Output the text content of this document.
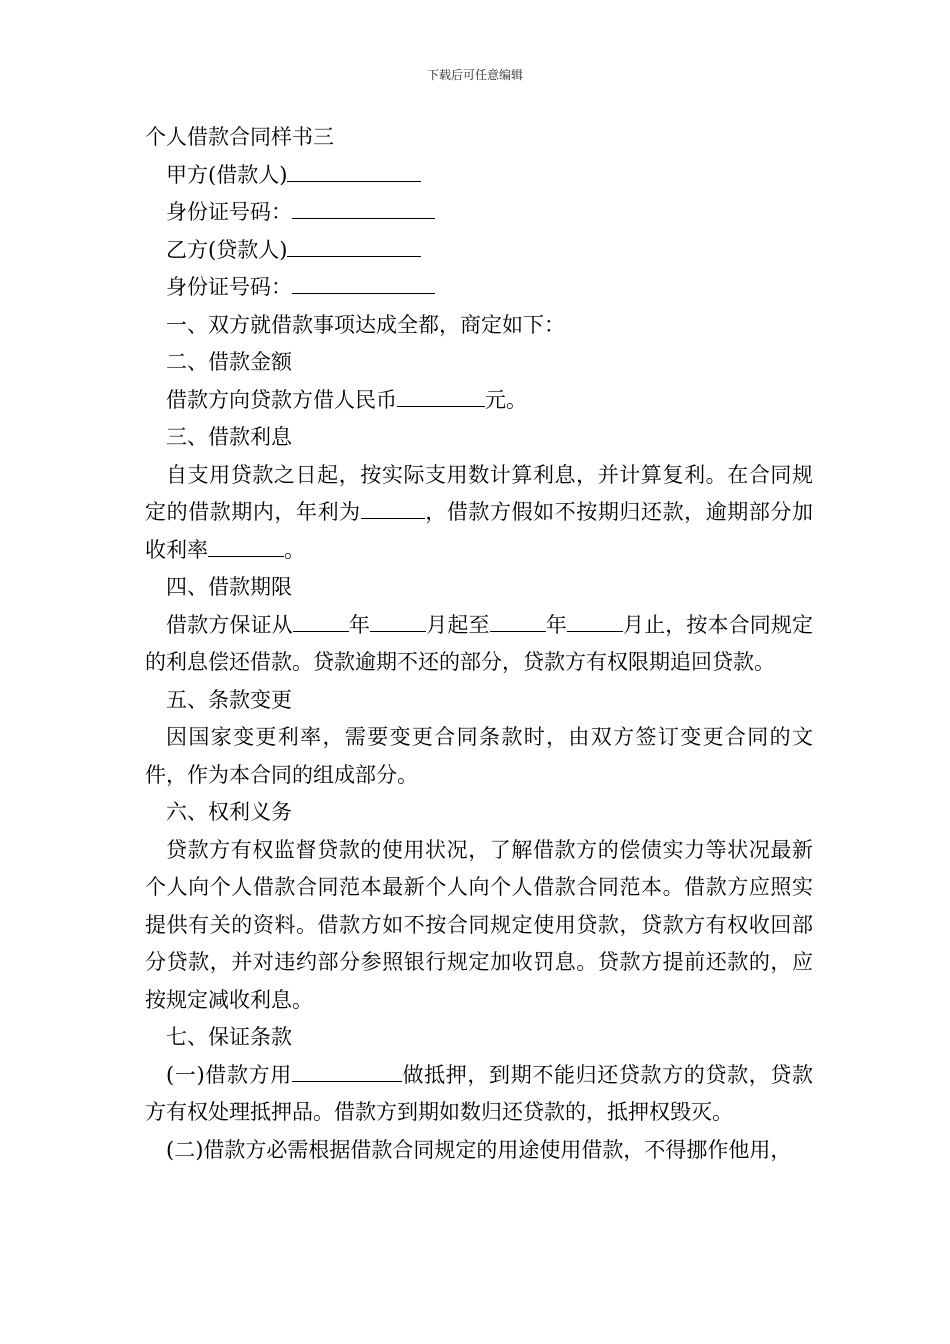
下载后可任意编辑

个人借款合同样书三

甲方(借款人)

身份证号码：

乙方(贷款人)

身份证号码：

一、双方就借款事项达成全都，商定如下：

二、借款金额

借款方向贷款方借人民币	元。

三、借款利息

自支用贷款之日起，按实际支用数计算利息，并计算复利。在合同规定的借款期内，年利为	，借款方假如不按期归还款，逾期部分加收利率	。

四、借款期限

借款方保证从	年	月起至	年	月止，按本合同规定的利息偿还借款。贷款逾期不还的部分，贷款方有权限期追回贷款。

五、条款变更

因国家变更利率，需要变更合同条款时，由双方签订变更合同的文件，作为本合同的组成部分。

六、权利义务

贷款方有权监督贷款的使用状况，了解借款方的偿债实力等状况最新个人向个人借款合同范本最新个人向个人借款合同范本。借款方应照实提供有关的资料。借款方如不按合同规定使用贷款，贷款方有权收回部分贷款，并对违约部分参照银行规定加收罚息。贷款方提前还款的，应按规定减收利息。

七、保证条款

(一)借款方用	做抵押，到期不能归还贷款方的贷款，贷款方有权处理抵押品。借款方到期如数归还贷款的，抵押权毁灭。

(二)借款方必需根据借款合同规定的用途使用借款，不得挪作他用，
